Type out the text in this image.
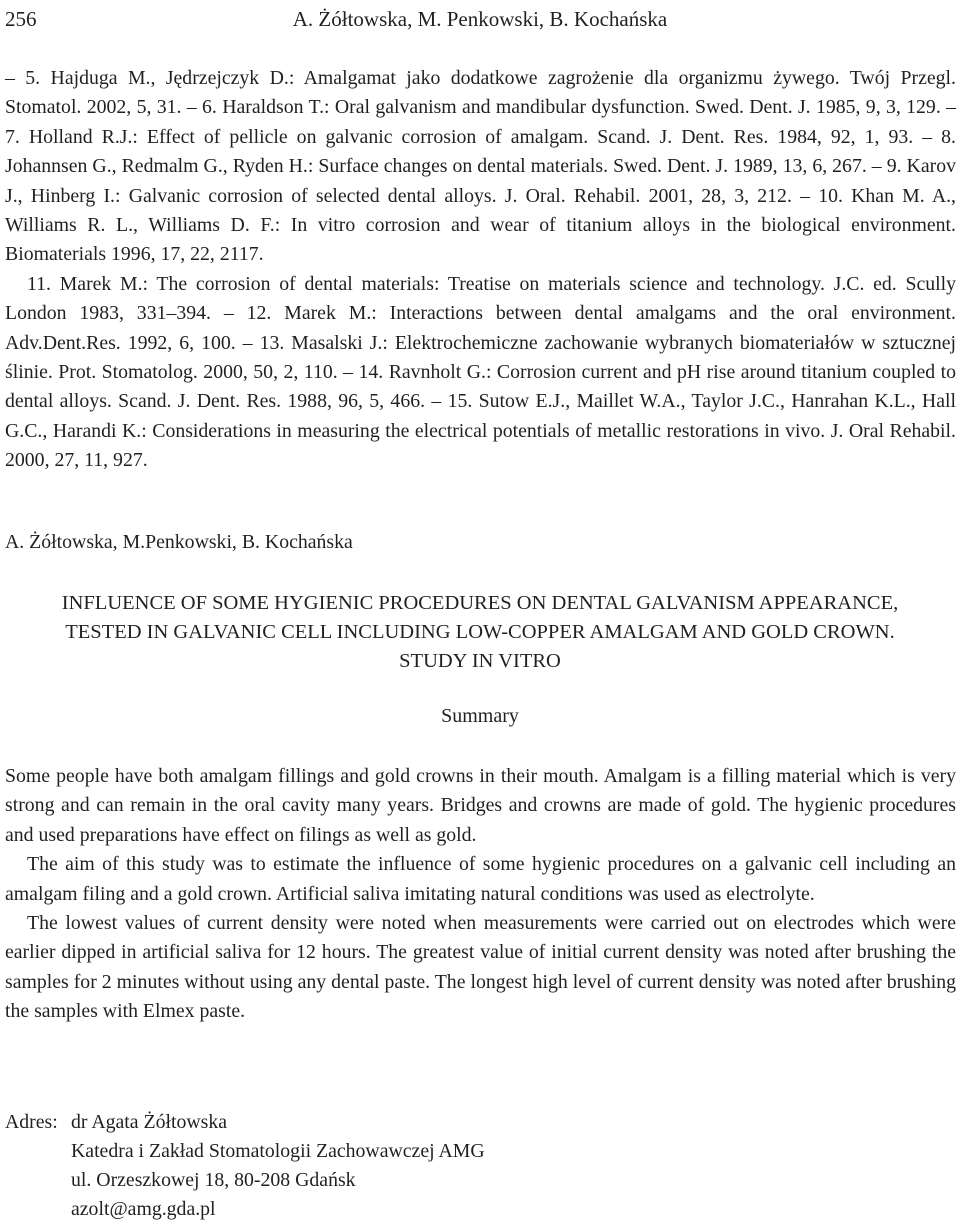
256	A. Żółtowska, M. Penkowski, B. Kochańska

– 5. Hajduga M., Jędrzejczyk D.: Amalgamat jako dodatkowe zagrożenie dla organizmu żywego. Twój Przegl. Stomatol. 2002, 5, 31. – 6. Haraldson T.: Oral galvanism and mandibular dysfunction. Swed. Dent. J. 1985, 9, 3, 129. – 7. Holland R.J.: Effect of pellicle on galvanic corrosion of amalgam. Scand. J. Dent. Res. 1984, 92, 1, 93. – 8. Johannsen G., Redmalm G., Ryden H.: Surface changes on dental materials. Swed. Dent. J. 1989, 13, 6, 267. – 9. Karov J., Hinberg I.: Galvanic corrosion of selected dental alloys. J. Oral. Rehabil. 2001, 28, 3, 212. – 10. Khan M. A., Williams R. L., Williams D. F.: In vitro corrosion and wear of titanium alloys in the biological environment. Biomaterials 1996, 17, 22, 2117.

11. Marek M.: The corrosion of dental materials: Treatise on materials science and technology. J.C. ed. Scully London 1983, 331–394. – 12. Marek M.: Interactions between dental amalgams and the oral environment. Adv.Dent.Res. 1992, 6, 100. – 13. Masalski J.: Elektrochemiczne zachowanie wybranych biomateriałów w sztucznej ślinie. Prot. Stomatolog. 2000, 50, 2, 110. – 14. Ravnholt G.: Corrosion current and pH rise around titanium coupled to dental alloys. Scand. J. Dent. Res. 1988, 96, 5, 466. – 15. Sutow E.J., Maillet W.A., Taylor J.C., Hanrahan K.L., Hall G.C., Harandi K.: Considerations in measuring the electrical potentials of metallic restorations in vivo. J. Oral Rehabil. 2000, 27, 11, 927.

A. Żółtowska, M.Penkowski, B. Kochańska
INFLUENCE OF SOME HYGIENIC PROCEDURES ON DENTAL GALVANISM APPEARANCE,
TESTED IN GALVANIC CELL INCLUDING LOW-COPPER AMALGAM AND GOLD CROWN.
STUDY IN VITRO
Summary

Some people have both amalgam fillings and gold crowns in their mouth. Amalgam is a filling material which is very strong and can remain in the oral cavity many years. Bridges and crowns are made of gold. The hygienic procedures and used preparations have effect on filings as well as gold.

The aim of this study was to estimate the influence of some hygienic procedures on a galvanic cell including an amalgam filing and a gold crown. Artificial saliva imitating natural conditions was used as electrolyte.

The lowest values of current density were noted when measurements were carried out on electrodes which were earlier dipped in artificial saliva for 12 hours. The greatest value of initial current density was noted after brushing the samples for 2 minutes without using any dental paste. The longest high level of current density was noted after brushing the samples with Elmex paste.

Adres: dr Agata Żółtowska
Katedra i Zakład Stomatologii Zachowawczej AMG
ul. Orzeszkowej 18, 80-208 Gdańsk
azolt@amg.gda.pl
